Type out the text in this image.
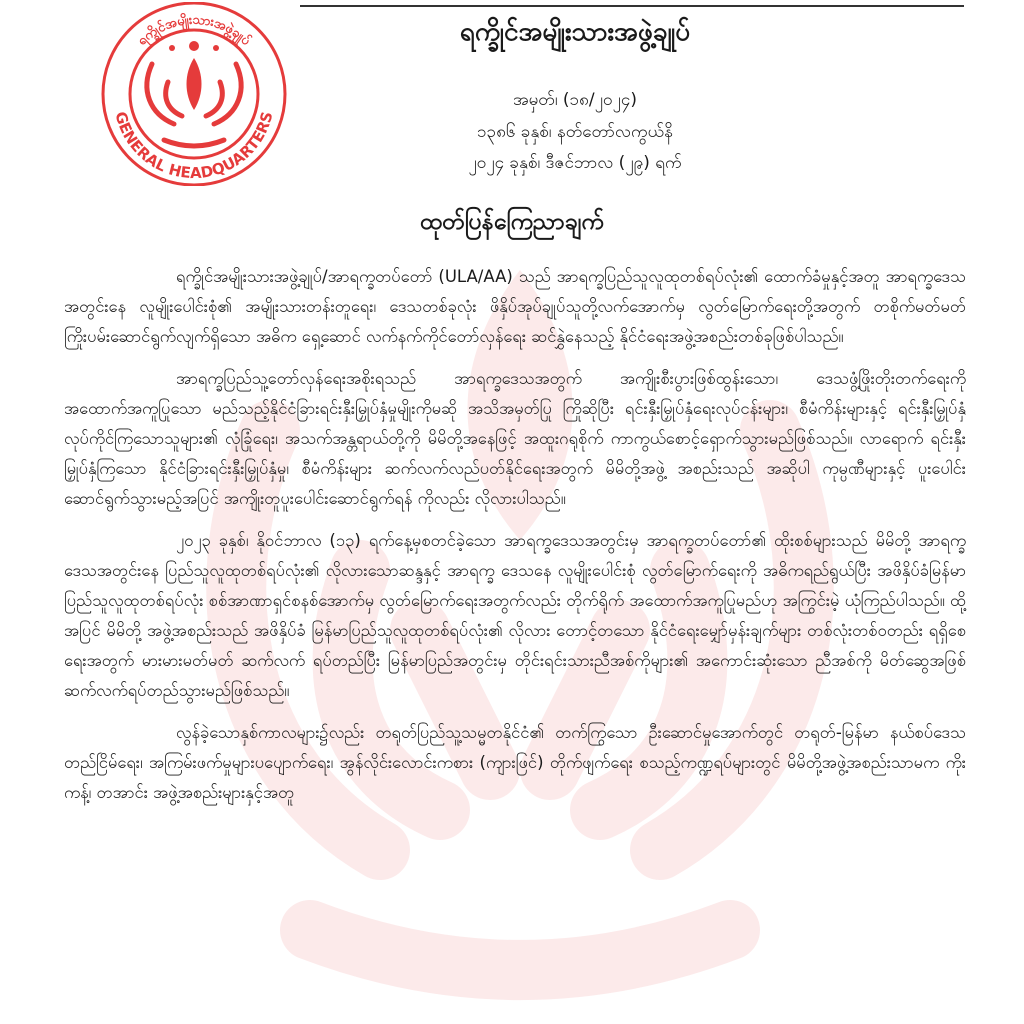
ရက္ခိုင်အမျိုးသားအဖွဲ့ချုပ်
GENERAL HEADQUARTERS
ရက္ခိုင်အမျိုးသားအဖွဲ့ချုပ်
အမှတ်၊ (၁၈/၂၀၂၄)
၁၃၈၆ ခုနှစ်၊ နတ်တော်လကွယ်နိ
၂၀၂၄ ခုနှစ်၊ ဒီဇင်ဘာလ (၂၉) ရက်
ထုတ်ပြန်ကြေညာချက်

ရက္ခိုင်အမျိုးသားအဖွဲ့ချုပ်/အာရက္ခတပ်တော် (ULA/AA) သည် အာရက္ခပြည်သူလူထုတစ်ရပ်လုံး၏ ထောက်ခံမှုနှင့်အတူ အာရက္ခဒေသအတွင်းနေ လူမျိုးပေါင်းစုံ၏ အမျိုးသားတန်းတူရေး၊ ဒေသတစ်ခုလုံး ဖိနှိပ်အုပ်ချုပ်သူတို့လက်အောက်မှ လွတ်မြောက်ရေးတို့အတွက် တစိုက်မတ်မတ် ကြိုးပမ်းဆောင်ရွက်လျက်ရှိသော အဓိက ရှေ့ဆောင် လက်နက်ကိုင်တော်လှန်ရေး ဆင်နွှဲနေသည့် နိုင်ငံရေးအဖွဲ့အစည်းတစ်ခုဖြစ်ပါသည်။

အာရက္ခပြည်သူ့တော်လှန်ရေးအစိုးရသည် အာရက္ခဒေသအတွက် အကျိုးစီးပွားဖြစ်ထွန်းသော၊ ဒေသဖွံ့ဖြိုးတိုးတက်ရေးကို အထောက်အကူပြုသော မည်သည့်နိုင်ငံခြားရင်းနှီးမြှုပ်နှံမှုမျိုးကိုမဆို အသိအမှတ်ပြု ကြိုဆိုပြီး ရင်းနှီးမြှုပ်နှံရေးလုပ်ငန်းများ၊ စီမံကိန်းများနှင့် ရင်းနှီးမြှုပ်နှံလုပ်ကိုင်ကြသောသူများ၏ လုံခြုံရေး၊ အသက်အန္တရာယ်တို့ကို မိမိတို့အနေဖြင့် အထူးဂရုစိုက် ကာကွယ်စောင့်ရှောက်သွားမည်ဖြစ်သည်။ လာရောက် ရင်းနှီးမြှုပ်နှံကြသော နိုင်ငံခြားရင်းနှီးမြှုပ်နှံမှု၊ စီမံကိန်းများ ဆက်လက်လည်ပတ်နိုင်ရေးအတွက် မိမိတို့အဖွဲ့ အစည်းသည် အဆိုပါ ကုမ္ပဏီများနှင့် ပူးပေါင်းဆောင်ရွက်သွားမည့်အပြင် အကျိုးတူပူးပေါင်းဆောင်ရွက်ရန် ကိုလည်း လိုလားပါသည်။

၂၀၂၃ ခုနှစ်၊ နိုဝင်ဘာလ (၁၃) ရက်နေ့မှစတင်ခဲ့သော အာရက္ခဒေသအတွင်းမှ အာရက္ခတပ်တော်၏ ထိုးစစ်များသည် မိမိတို့ အာရက္ခဒေသအတွင်းနေ ပြည်သူလူထုတစ်ရပ်လုံး၏ လိုလားသောဆန္ဒနှင့် အာရက္ခ ဒေသနေ လူမျိုးပေါင်းစုံ လွတ်မြောက်ရေးကို အဓိကရည်ရွယ်ပြီး အဖိနှိပ်ခံမြန်မာပြည်သူလူထုတစ်ရပ်လုံး စစ်အာဏာရှင်စနစ်အောက်မှ လွတ်မြောက်ရေးအတွက်လည်း တိုက်ရိုက် အထောက်အကူပြုမည်ဟု အကြွင်းမဲ့ ယုံကြည်ပါသည်။ ထို့အပြင် မိမိတို့ အဖွဲ့အစည်းသည် အဖိနှိပ်ခံ မြန်မာပြည်သူလူထုတစ်ရပ်လုံး၏ လိုလား တောင့်တသော နိုင်ငံရေးမျှော်မှန်းချက်များ တစ်လုံးတစ်ဝတည်း ရရှိစေရေးအတွက် မားမားမတ်မတ် ဆက်လက် ရပ်တည်ပြီး မြန်မာပြည်အတွင်းမှ တိုင်းရင်းသားညီအစ်ကိုများ၏ အကောင်းဆုံးသော ညီအစ်ကို မိတ်ဆွေအဖြစ် ဆက်လက်ရပ်တည်သွားမည်ဖြစ်သည်။

လွန်ခဲ့သောနှစ်ကာလများ၌လည်း တရုတ်ပြည်သူ့သမ္မတနိုင်ငံ၏ တက်ကြွသော ဦးဆောင်မှုအောက်တွင် တရုတ်-မြန်မာ နယ်စပ်ဒေသတည်ငြိမ်ရေး၊ အကြမ်းဖက်မှုများပပျောက်ရေး၊ အွန်လိုင်းလောင်းကစား (ကျားဖြင်) တိုက်ဖျက်ရေး စသည့်ကဏ္ဍရပ်များတွင် မိမိတို့အဖွဲ့အစည်းသာမက ကိုးကန့်၊ တအာင်း အဖွဲ့အစည်းများနှင့်အတူ
